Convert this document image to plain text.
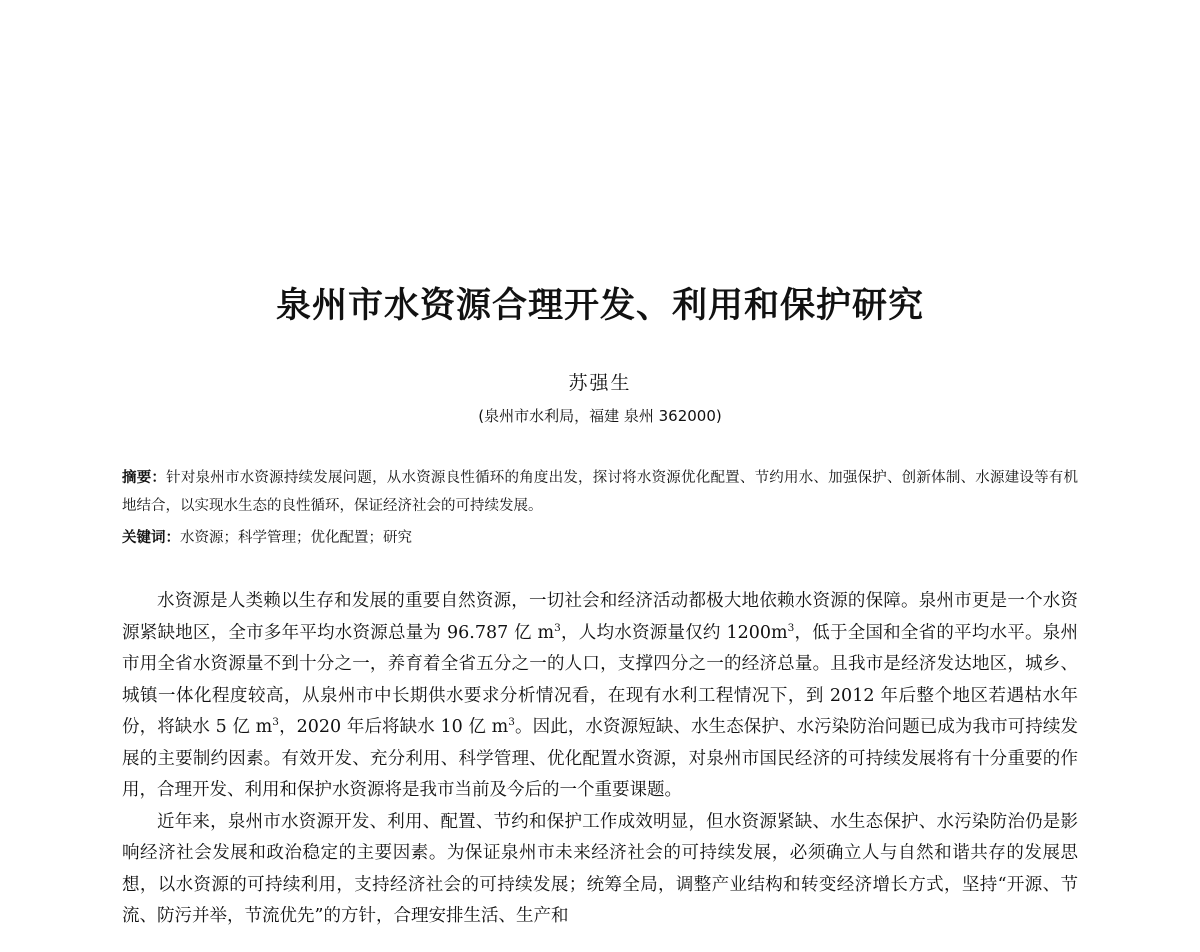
泉州市水资源合理开发、利用和保护研究
苏强生
(泉州市水利局，福建 泉州 362000)

摘要：针对泉州市水资源持续发展问题，从水资源良性循环的角度出发，探讨将水资源优化配置、节约用水、加强保护、创新体制、水源建设等有机地结合，以实现水生态的良性循环，保证经济社会的可持续发展。

关键词：水资源；科学管理；优化配置；研究

水资源是人类赖以生存和发展的重要自然资源，一切社会和经济活动都极大地依赖水资源的保障。泉州市更是一个水资源紧缺地区，全市多年平均水资源总量为 96.787 亿 $m^3$，人均水资源量仅约 $1200m^3$，低于全国和全省的平均水平。泉州市用全省水资源量不到十分之一，养育着全省五分之一的人口，支撑四分之一的经济总量。且我市是经济发达地区，城乡、城镇一体化程度较高，从泉州市中长期供水要求分析情况看，在现有水利工程情况下，到 2012 年后整个地区若遇枯水年份，将缺水 5 亿 $m^3$，2020 年后将缺水 10 亿 $m^3$。因此，水资源短缺、水生态保护、水污染防治问题已成为我市可持续发展的主要制约因素。有效开发、充分利用、科学管理、优化配置水资源，对泉州市国民经济的可持续发展将有十分重要的作用，合理开发、利用和保护水资源将是我市当前及今后的一个重要课题。

近年来，泉州市水资源开发、利用、配置、节约和保护工作成效明显，但水资源紧缺、水生态保护、水污染防治仍是影响经济社会发展和政治稳定的主要因素。为保证泉州市未来经济社会的可持续发展，必须确立人与自然和谐共存的发展思想，以水资源的可持续利用，支持经济社会的可持续发展；统筹全局，调整产业结构和转变经济增长方式，坚持“开源、节流、防污并举，节流优先”的方针，合理安排生活、生产和
